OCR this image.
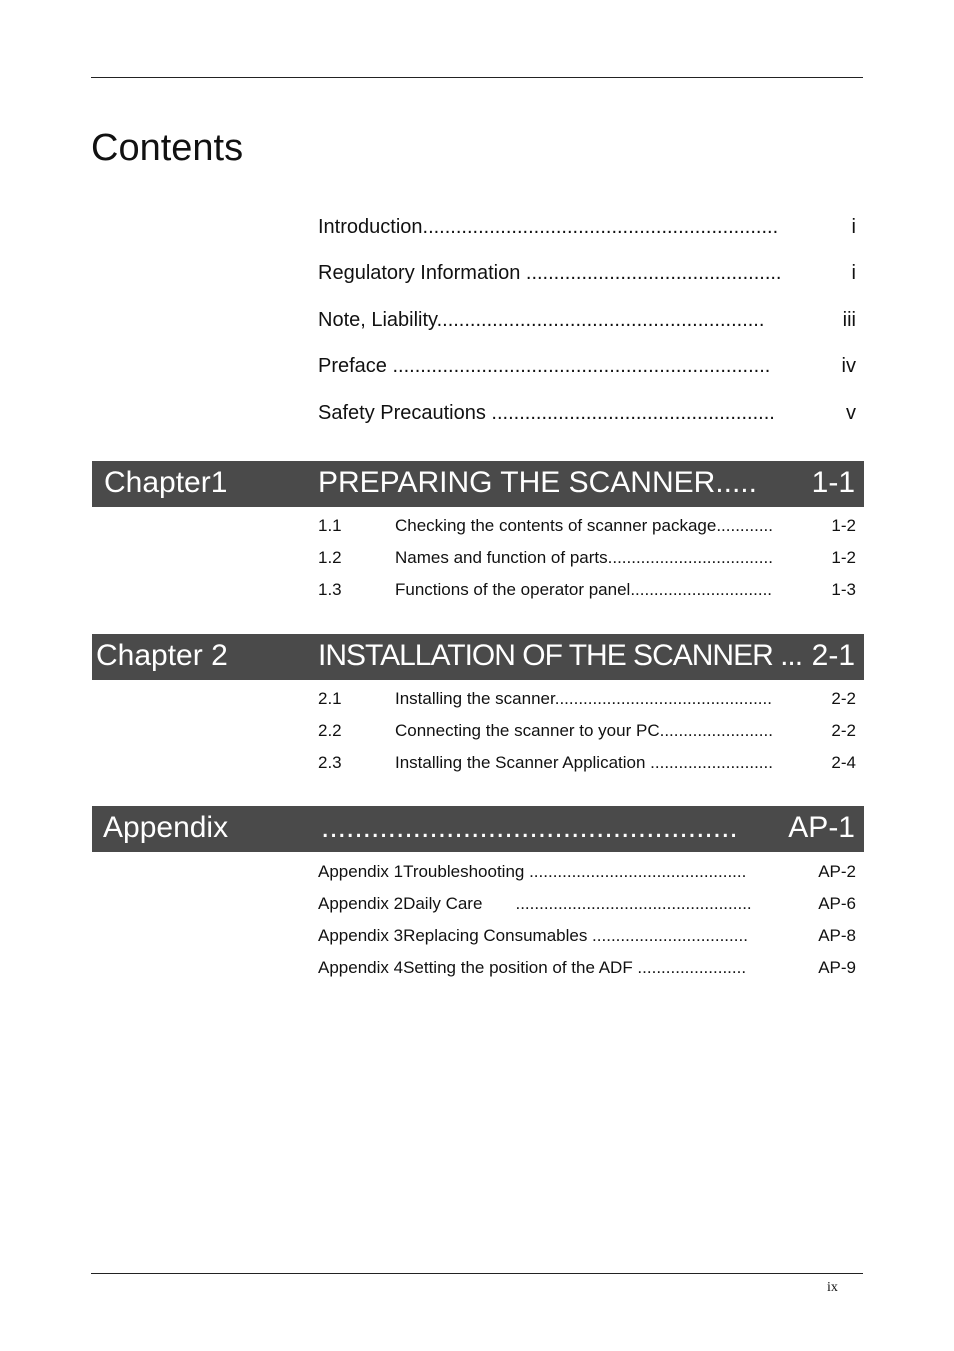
Contents
Introduction................................................................	i
Regulatory Information ..............................................	i
Note, Liability...........................................................	iii
Preface ....................................................................	iv
Safety Precautions ...................................................	v
Chapter1	PREPARING THE SCANNER..... 1-1
1.1	Checking the contents of scanner package............	1-2
1.2	Names and function of parts...................................	1-2
1.3	Functions of the operator panel..............................	1-3
Chapter 2	INSTALLATION OF THE SCANNER ... 2-1
2.1	Installing the scanner..............................................	2-2
2.2	Connecting the scanner to your PC........................	2-2
2.3	Installing the Scanner Application ..........................	2-4
Appendix	.................................................. AP-1
Appendix 1Troubleshooting ..............................................	AP-2
Appendix 2Daily Care       ..................................................	AP-6
Appendix 3Replacing Consumables .................................	AP-8
Appendix 4Setting the position of the ADF .......................	AP-9
ix
